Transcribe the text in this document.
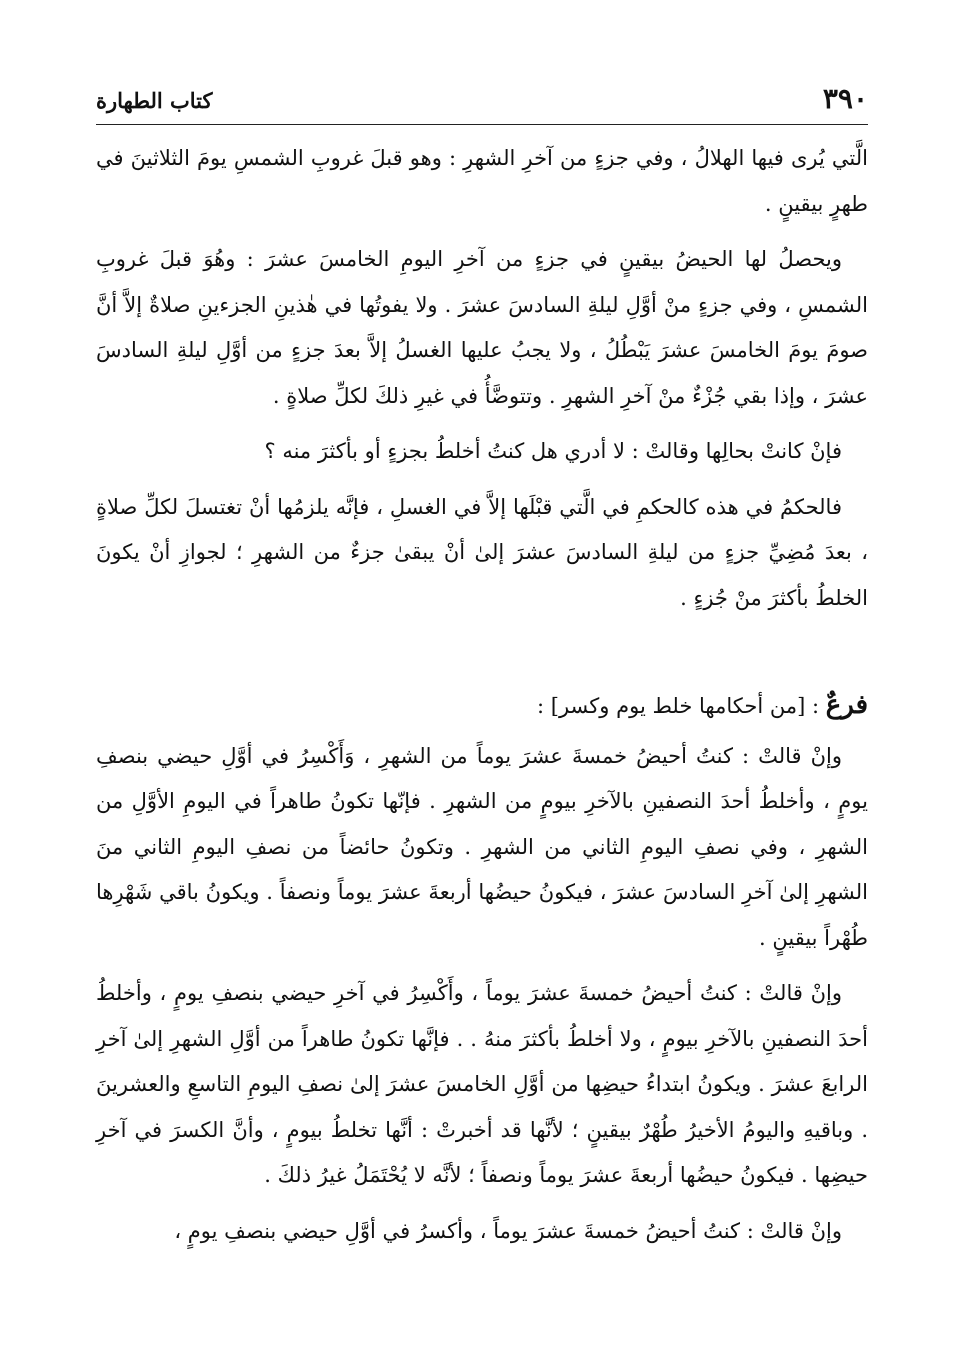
كتاب الطهارة	٣٩٠

الَّتي يُرى فيها الهلالُ ، وفي جزءٍ من آخرِ الشهرِ : وهو قبلَ غروبِ الشمسِ يومَ الثلاثينَ في طهرٍ بيقينٍ .

ويحصلُ لها الحيضُ بيقينٍ في جزءٍ من آخرِ اليومِ الخامسَ عشرَ : وهُوَ قبلَ غروبِ الشمسِ ، وفي جزءٍ منْ أوَّلِ ليلةِ السادسَ عشرَ . ولا يفوتُها في هٰذينِ الجزءينِ صلاةٌ إلاَّ أنَّ صومَ يومَ الخامسَ عشرَ يَبْطُلُ ، ولا يجبُ عليها الغسلُ إلاَّ بعدَ جزءٍ من أوَّلِ ليلةِ السادسَ عشرَ ، وإذا بقي جُزْءٌ منْ آخرِ الشهرِ . وتتوضَّأُ في غيرِ ذلكَ لكلِّ صلاةٍ .

فإنْ كانتْ بحالِها وقالتْ : لا أدري هل كنتُ أخلطُ بجزءٍ أو بأكثرَ منه ؟

فالحكمُ في هذه كالحكمِ في الَّتي قبْلَها إلاَّ في الغسلِ ، فإنَّه يلزمُها أنْ تغتسلَ لكلِّ صلاةٍ ، بعدَ مُضِيِّ جزءٍ من ليلةِ السادسَ عشرَ إلىٰ أنْ يبقىٰ جزءٌ من الشهرِ ؛ لجوازِ أنْ يكونَ الخلطُ بأكثرَ منْ جُزءٍ .

فرعٌ : [من أحكامها خلط يوم وكسر] :

وإنْ قالتْ : كنتُ أحيضُ خمسةَ عشرَ يوماً من الشهرِ ، وَأَكْسِرُ في أوَّلِ حيضي بنصفِ يومٍ ، وأخلطُ أحدَ النصفينِ بالآخرِ بيومٍ من الشهرِ . فإنّها تكونُ طاهراً في اليومِ الأوَّلِ من الشهرِ ، وفي نصفِ اليومِ الثاني من الشهرِ . وتكونُ حائضاً من نصفِ اليومِ الثاني منَ الشهرِ إلىٰ آخرِ السادسَ عشرَ ، فيكونُ حيضُها أربعةَ عشرَ يوماً ونصفاً . ويكونُ باقي شَهْرِها طُهْراً بيقينٍ .

وإنْ قالتْ : كنتُ أحيضُ خمسةَ عشرَ يوماً ، وأَكْسِرُ في آخرِ حيضي بنصفِ يومٍ ، وأخلطُ أحدَ النصفينِ بالآخرِ بيومٍ ، ولا أخلطُ بأكثرَ منهُ . . فإنَّها تكونُ طاهراً من أوَّلِ الشهرِ إلىٰ آخرِ الرابعَ عشرَ . ويكونُ ابتداءُ حيضِها من أوَّلِ الخامسَ عشرَ إلىٰ نصفِ اليومِ التاسعِ والعشرينَ . وباقيهِ واليومُ الأخيرُ طُهْرٌ بيقينٍ ؛ لأنَّها قد أخبرتْ : أنَّها تخلطُ بيومٍ ، وأنَّ الكسرَ في آخرِ حيضِها . فيكونُ حيضُها أربعةَ عشرَ يوماً ونصفاً ؛ لأنَّه لا يُحْتَمَلُ غيرُ ذلكَ .

وإنْ قالتْ : كنتُ أحيضُ خمسةَ عشرَ يوماً ، وأكسرُ في أوَّلِ حيضي بنصفِ يومٍ ،
